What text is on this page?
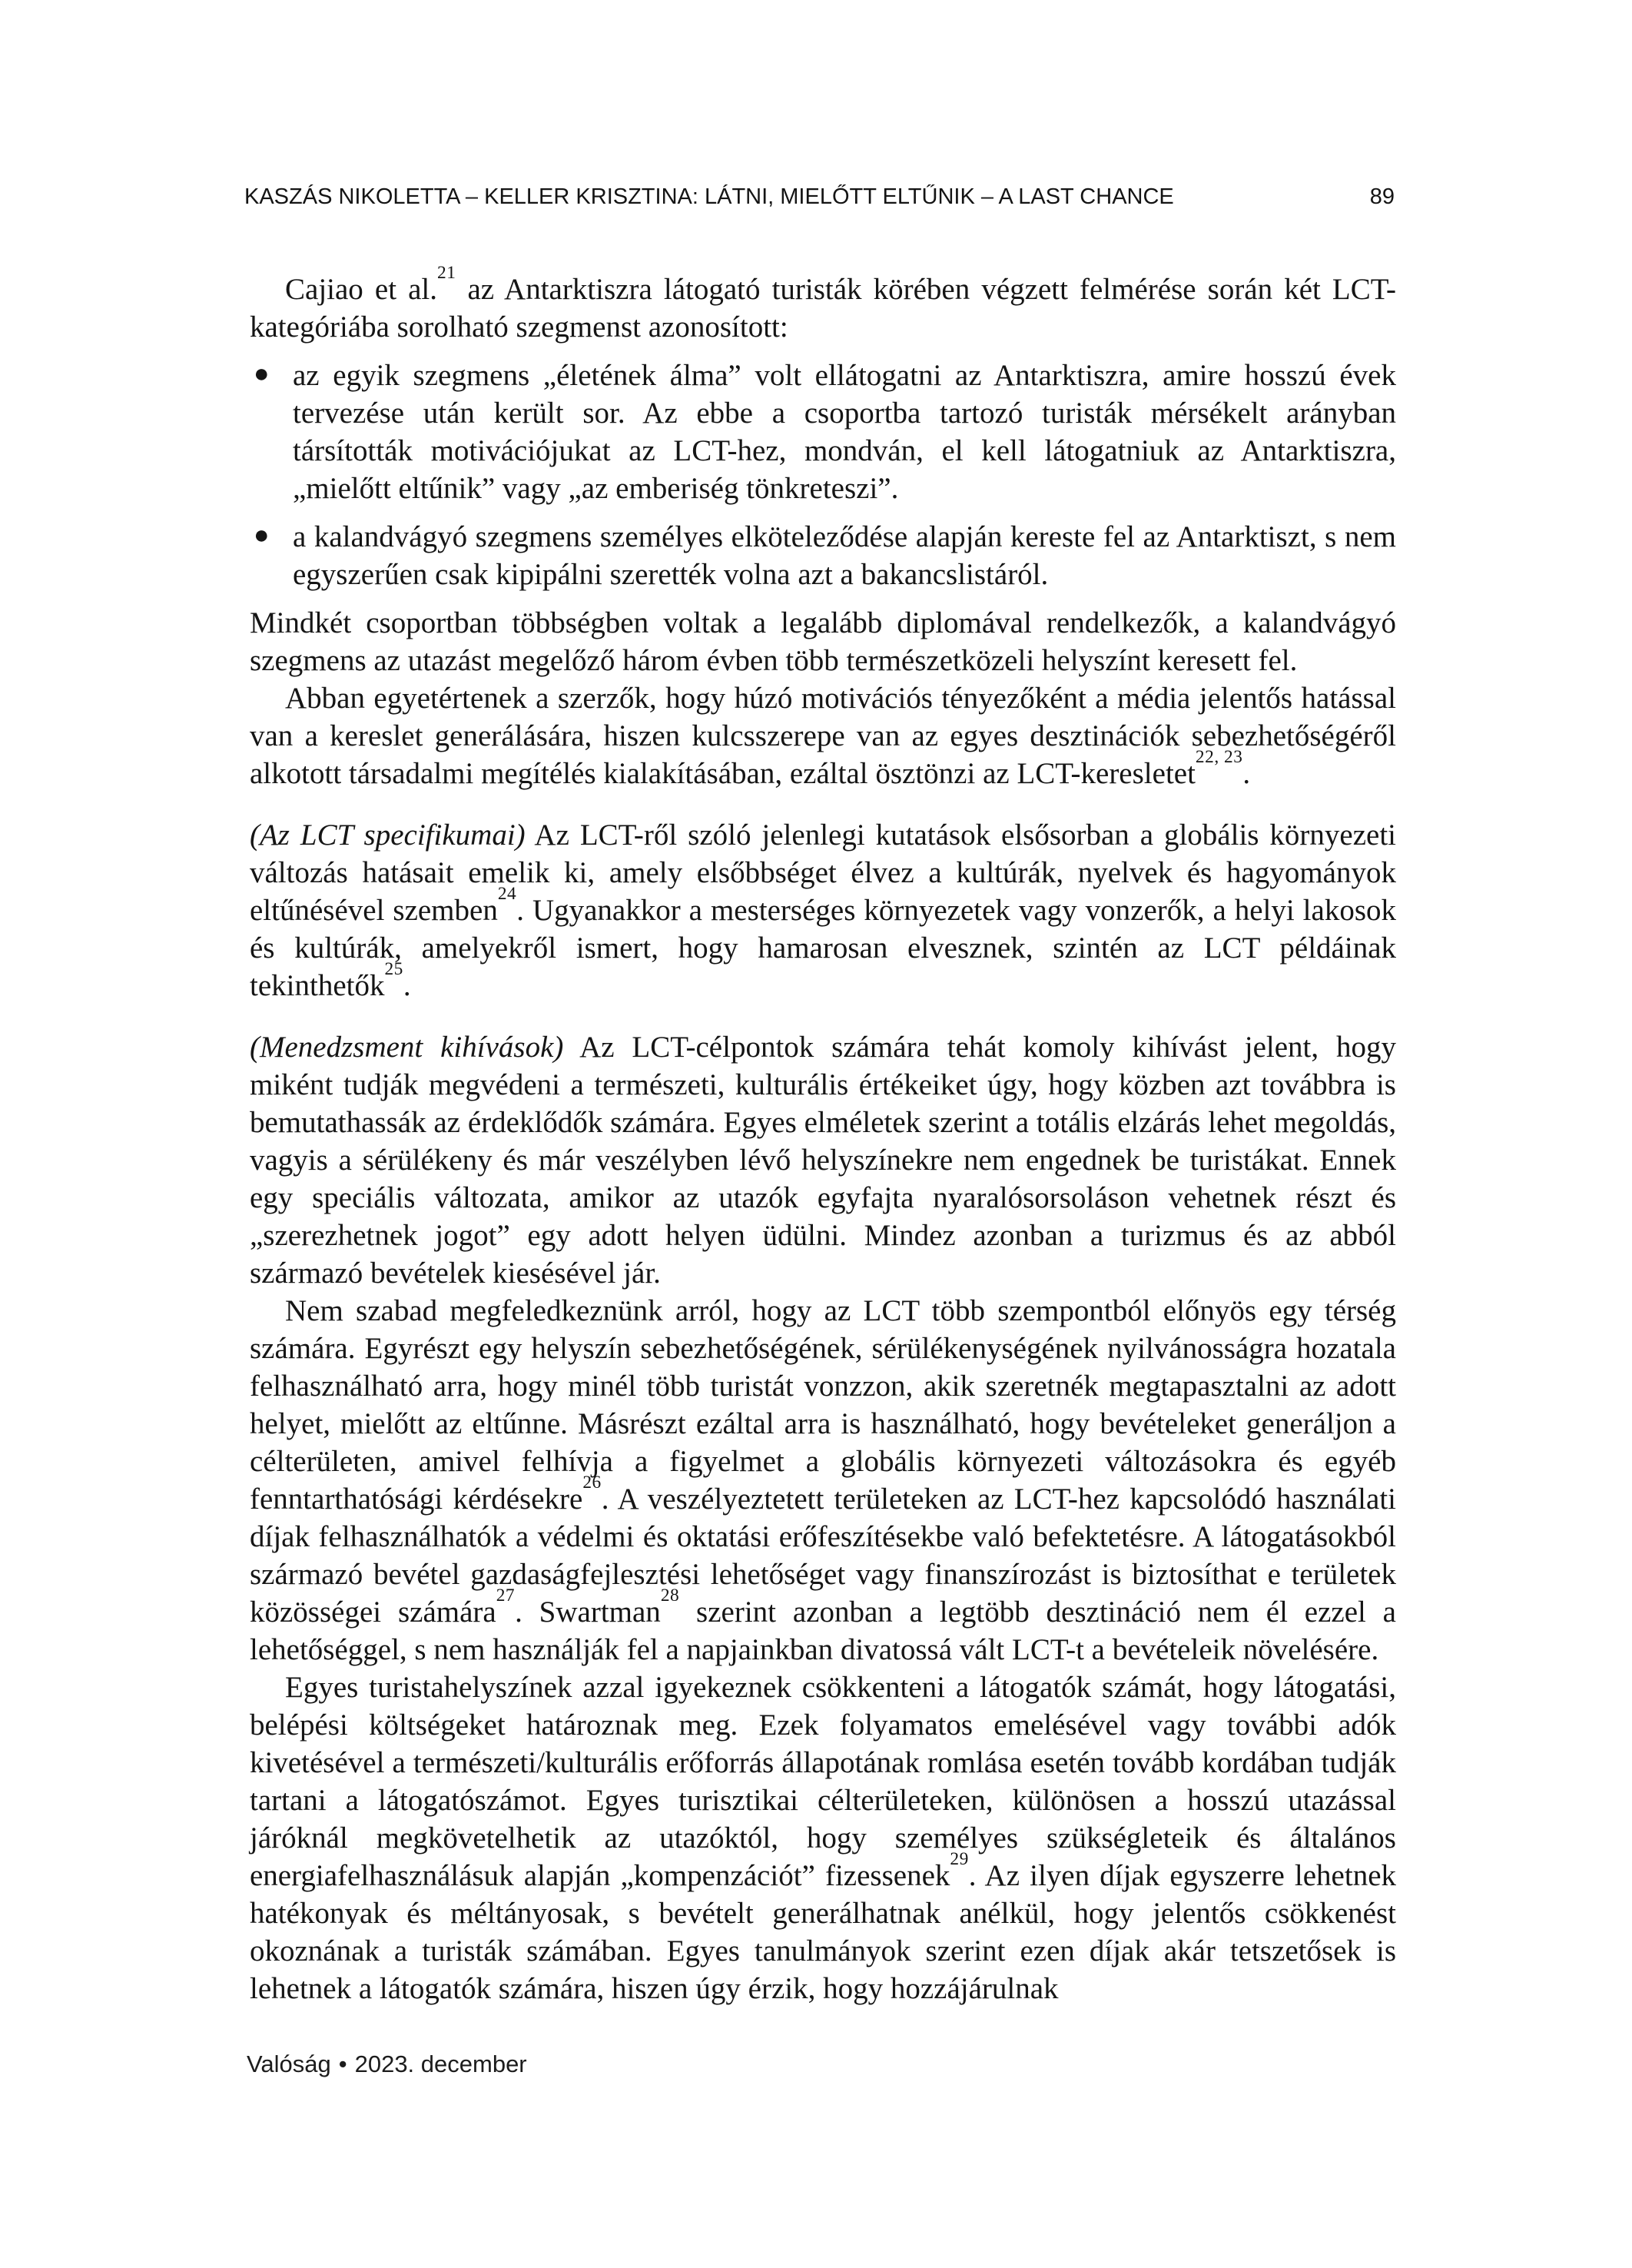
KASZÁS NIKOLETTA – KELLER KRISZTINA: LÁTNI, MIELŐTT ELTŰNIK – A LAST CHANCE	89

Cajiao et al.$^{21}$ az Antarktiszra látogató turisták körében végzett felmérése során két LCT-kategóriába sorolható szegmenst azonosított:

● az egyik szegmens „életének álma” volt ellátogatni az Antarktiszra, amire hosszú évek tervezése után került sor. Az ebbe a csoportba tartozó turisták mérsékelt arányban társították motivációjukat az LCT-hez, mondván, el kell látogatniuk az Antarktiszra, „mielőtt eltűnik” vagy „az emberiség tönkreteszi”.
● a kalandvágyó szegmens személyes elköteleződése alapján kereste fel az Antarktiszt, s nem egyszerűen csak kipipálni szerették volna azt a bakancslistáról.

Mindkét csoportban többségben voltak a legalább diplomával rendelkezők, a kalandvágyó szegmens az utazást megelőző három évben több természetközeli helyszínt keresett fel.

Abban egyetértenek a szerzők, hogy húzó motivációs tényezőként a média jelentős hatással van a kereslet generálására, hiszen kulcsszerepe van az egyes desztinációk sebezhetőségéről alkotott társadalmi megítélés kialakításában, ezáltal ösztönzi az LCT-keresletet$^{22, 23}$.

(Az LCT specifikumai) Az LCT-ről szóló jelenlegi kutatások elsősorban a globális környezeti változás hatásait emelik ki, amely elsőbbséget élvez a kultúrák, nyelvek és hagyományok eltűnésével szemben$^{24}$. Ugyanakkor a mesterséges környezetek vagy vonzerők, a helyi lakosok és kultúrák, amelyekről ismert, hogy hamarosan elvesznek, szintén az LCT példáinak tekinthetők$^{25}$.

(Menedzsment kihívások) Az LCT-célpontok számára tehát komoly kihívást jelent, hogy miként tudják megvédeni a természeti, kulturális értékeiket úgy, hogy közben azt továbbra is bemutathassák az érdeklődők számára. Egyes elméletek szerint a totális elzárás lehet megoldás, vagyis a sérülékeny és már veszélyben lévő helyszínekre nem engednek be turistákat. Ennek egy speciális változata, amikor az utazók egyfajta nyaralósorsoláson vehetnek részt és „szerezhetnek jogot” egy adott helyen üdülni. Mindez azonban a turizmus és az abból származó bevételek kiesésével jár.

Nem szabad megfeledkeznünk arról, hogy az LCT több szempontból előnyös egy térség számára. Egyrészt egy helyszín sebezhetőségének, sérülékenységének nyilvánosságra hozatala felhasználható arra, hogy minél több turistát vonzzon, akik szeretnék megtapasztalni az adott helyet, mielőtt az eltűnne. Másrészt ezáltal arra is használható, hogy bevételeket generáljon a célterületen, amivel felhívja a figyelmet a globális környezeti változásokra és egyéb fenntarthatósági kérdésekre$^{26}$. A veszélyeztetett területeken az LCT-hez kapcsolódó használati díjak felhasználhatók a védelmi és oktatási erőfeszítésekbe való befektetésre. A látogatásokból származó bevétel gazdaságfejlesztési lehetőséget vagy finanszírozást is biztosíthat e területek közösségei számára$^{27}$. Swartman$^{28}$ szerint azonban a legtöbb desztináció nem él ezzel a lehetőséggel, s nem használják fel a napjainkban divatossá vált LCT-t a bevételeik növelésére.

Egyes turistahelyszínek azzal igyekeznek csökkenteni a látogatók számát, hogy látogatási, belépési költségeket határoznak meg. Ezek folyamatos emelésével vagy további adók kivetésével a természeti/kulturális erőforrás állapotának romlása esetén tovább kordában tudják tartani a látogatószámot. Egyes turisztikai célterületeken, különösen a hosszú utazással járóknál megkövetelhetik az utazóktól, hogy személyes szükségleteik és általános energiafelhasználásuk alapján „kompenzációt” fizessenek$^{29}$. Az ilyen díjak egyszerre lehetnek hatékonyak és méltányosak, s bevételt generálhatnak anélkül, hogy jelentős csökkenést okoznának a turisták számában. Egyes tanulmányok szerint ezen díjak akár tetszetősek is lehetnek a látogatók számára, hiszen úgy érzik, hogy hozzájárulnak

Valóság • 2023. december
